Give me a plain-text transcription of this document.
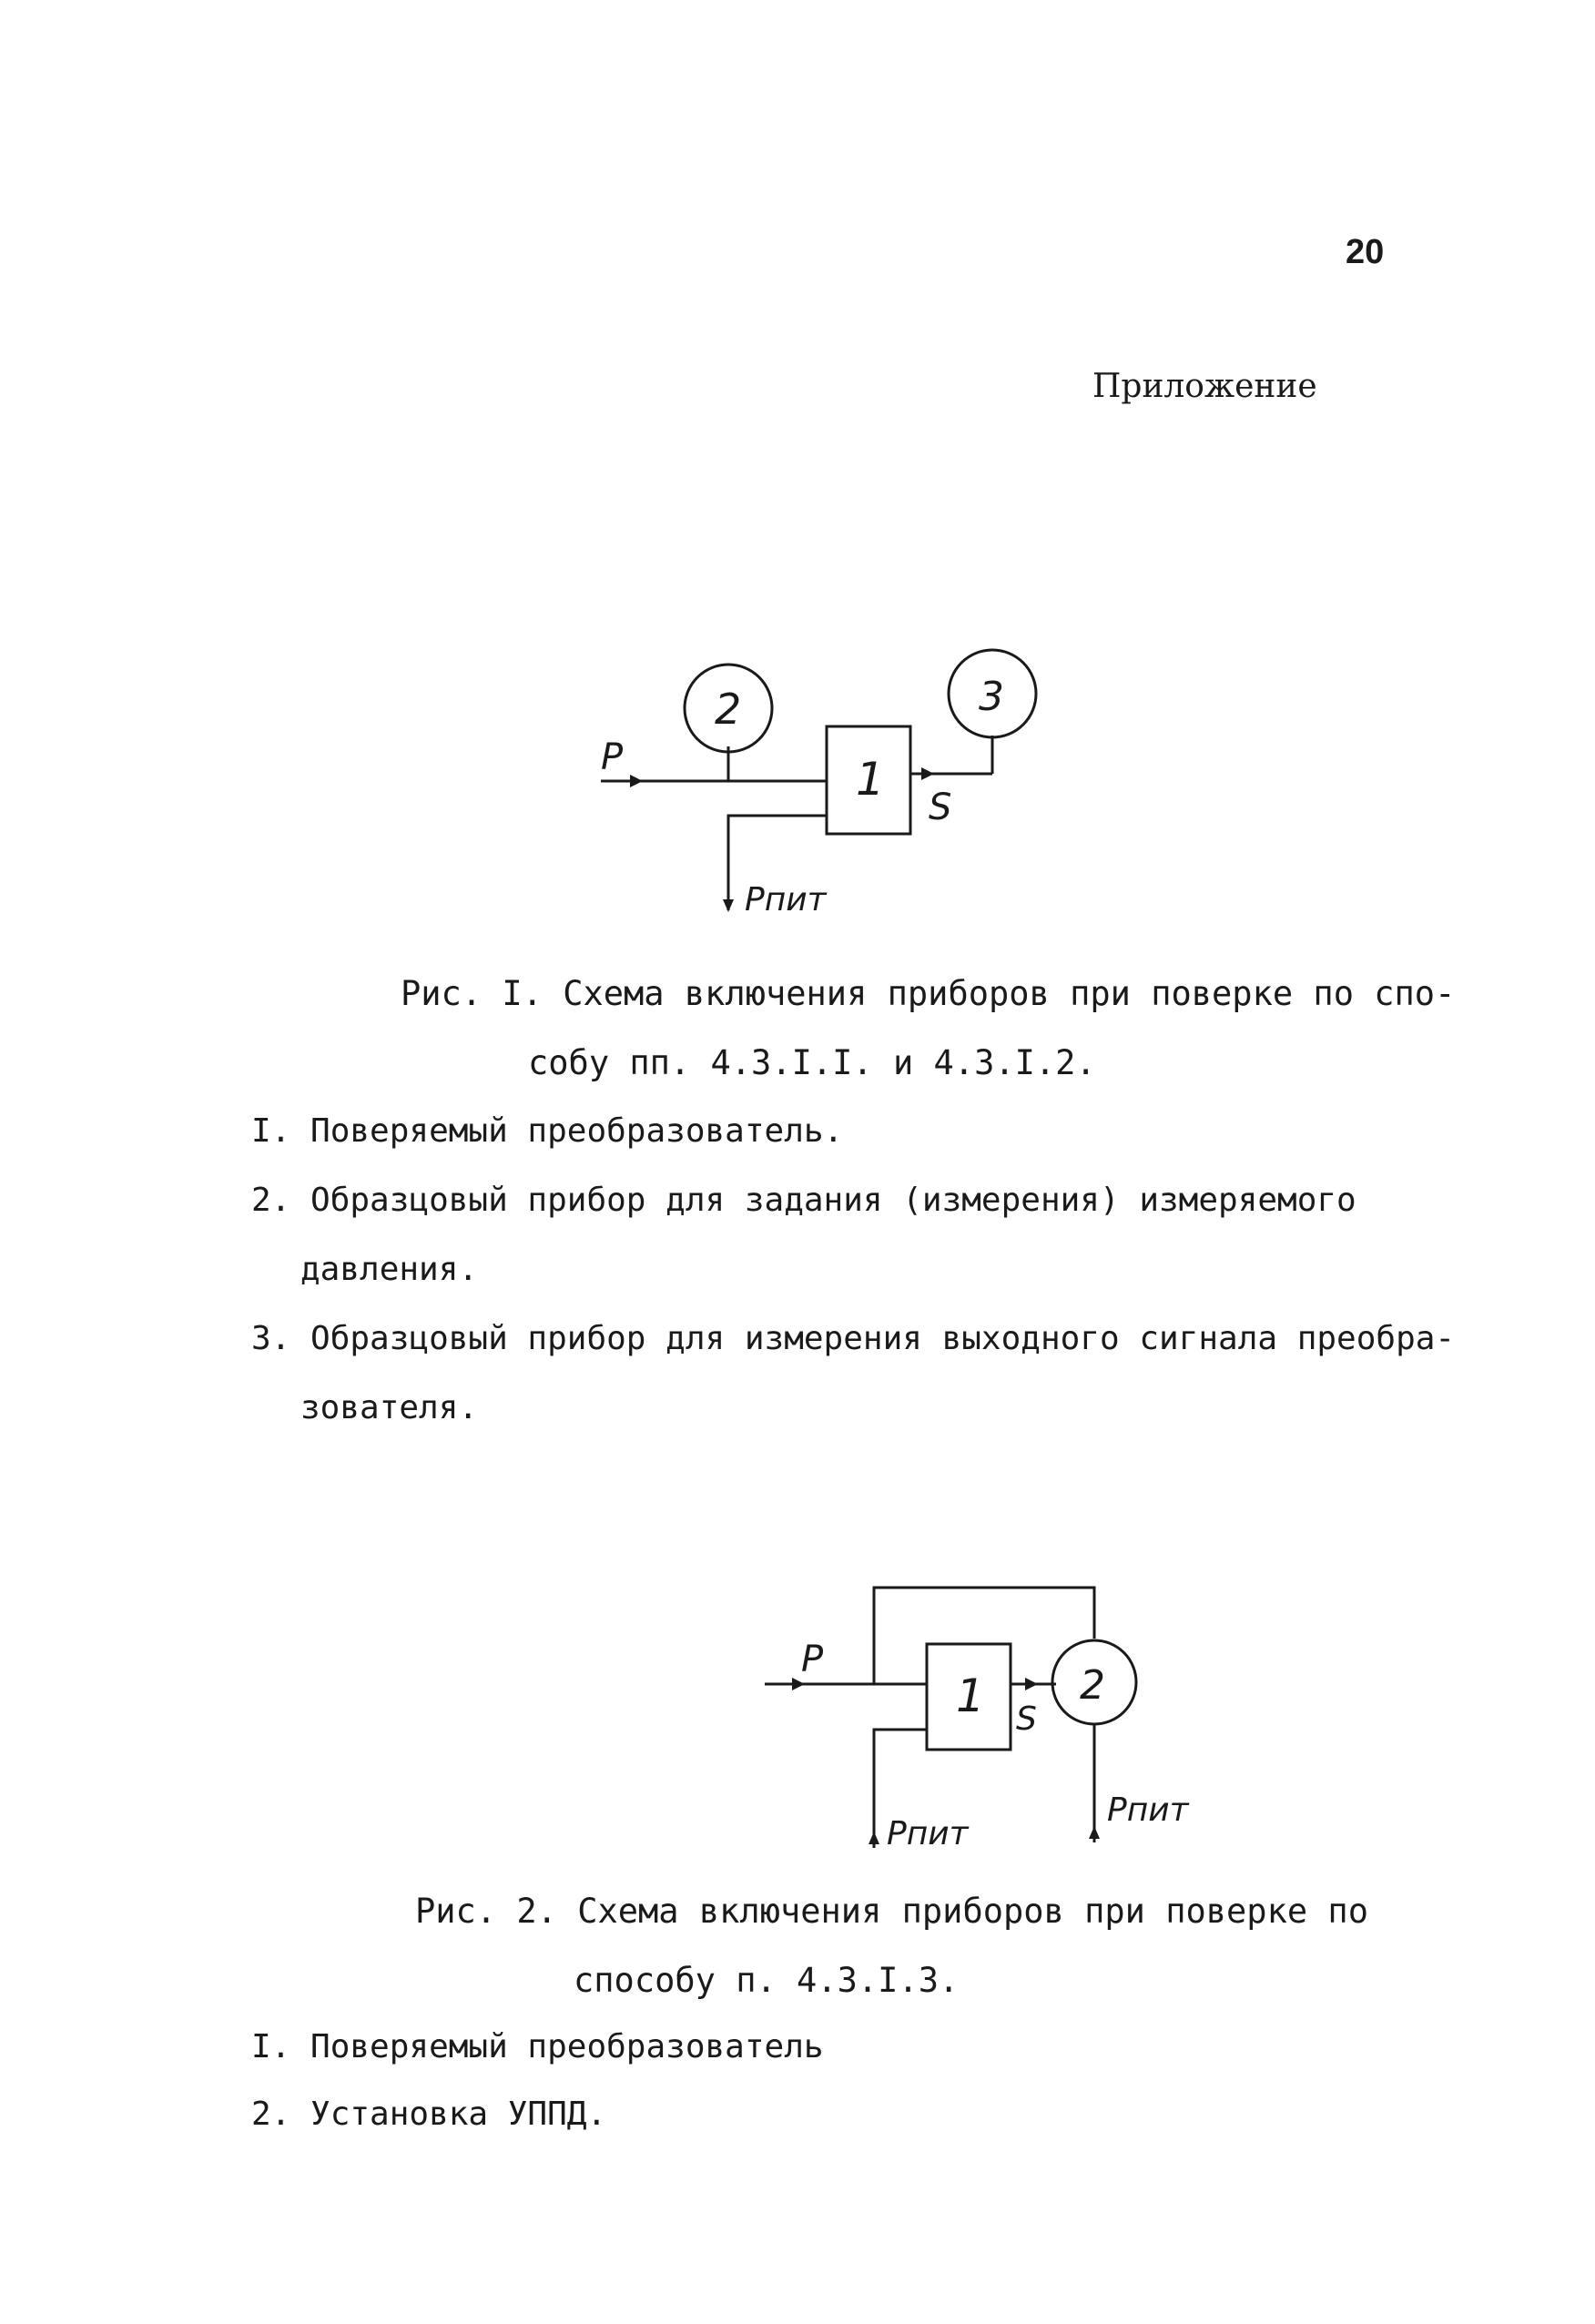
20
Приложение
2
1
3
P
S
Pпит
Рис. I. Схема включения приборов при поверке по спо-
собу пп. 4.3.I.I. и 4.3.I.2.
I. Поверяемый преобразователь.
2. Образцовый прибор для задания (измерения) измеряемого
давления.
3. Образцовый прибор для измерения выходного сигнала преобра-
зователя.
1 2
P
S
Pпит
Pпит
Рис. 2. Схема включения приборов при поверке по
способу п. 4.3.I.3.
I. Поверяемый преобразователь
2. Установка УППД.
